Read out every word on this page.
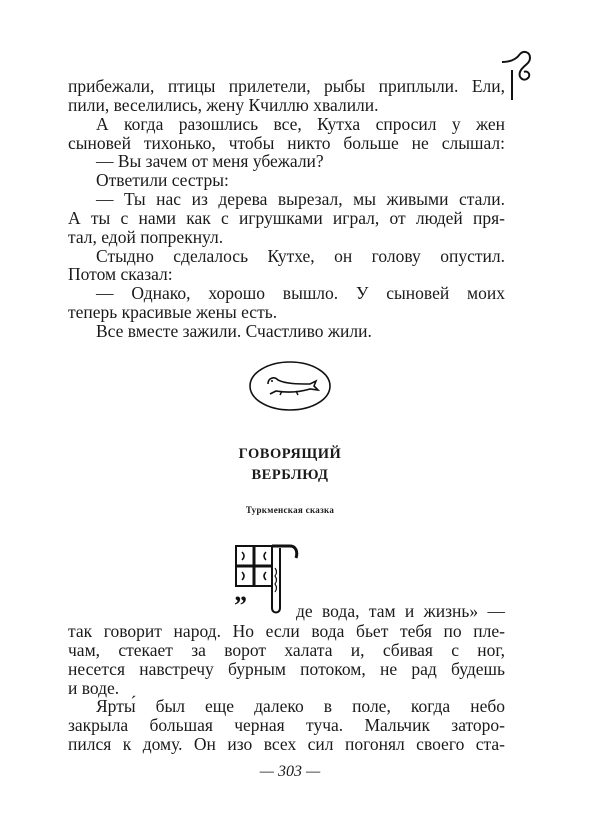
прибежали, птицы прилетели, рыбы приплыли. Ели,
пили, веселились, жену Кчиллю хвалили.
А когда разошлись все, Кутха спросил у жен
сыновей тихонько, чтобы никто больше не слышал:
— Вы зачем от меня убежали?
Ответили сестры:
— Ты нас из дерева вырезал, мы живыми стали.
А ты с нами как с игрушками играл, от людей пря-
тал, едой попрекнул.
Стыдно сделалось Кутхе, он голову опустил.
Потом сказал:
— Однако, хорошо вышло. У сыновей моих
теперь красивые жены есть.
Все вместе зажили. Счастливо жили.
ГОВОРЯЩИЙ
ВЕРБЛЮД
Туркменская сказка
”	де вода, там и жизнь» —
так говорит народ. Но если вода бьет тебя по пле-
чам, стекает за ворот халата и, сбивая с ног,
несется навстречу бурным потоком, не рад будешь
и воде.
Ярты́ был еще далеко в поле, когда небо
закрыла большая черная туча. Мальчик заторо-
пился к дому. Он изо всех сил погонял своего ста-
— 303 —
